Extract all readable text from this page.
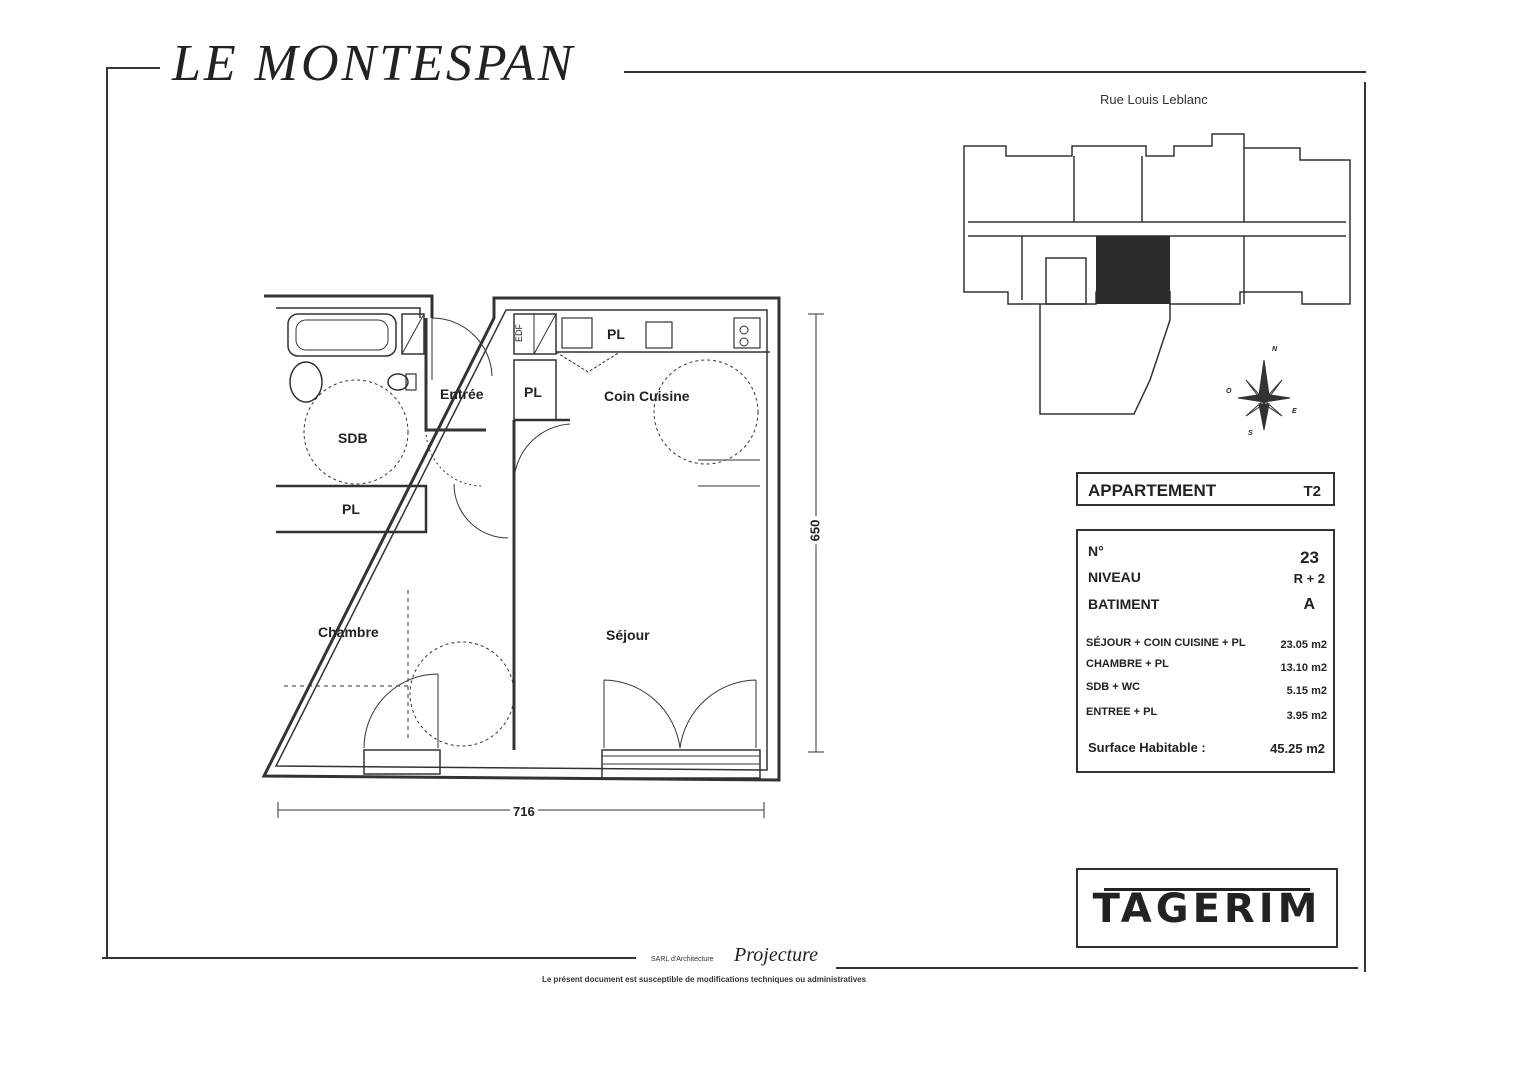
LE MONTESPAN
Rue Louis Leblanc
N
O
E
S
SDB
Entrée	PL
PL
EDF
Coin Cuisine
PL
Chambre	Séjour
650
716
APPARTEMENT	T2
N°	23
NIVEAU	R + 2
BATIMENT	A
SÉJOUR + COIN CUISINE + PL	23.05 m2
CHAMBRE + PL	13.10 m2
SDB + WC	5.15 m2
ENTREE + PL	3.95 m2
Surface Habitable :	45.25 m2
TAGERIM
SARL d'Architecture Projecture
Le présent document est susceptible de modifications techniques ou administratives
